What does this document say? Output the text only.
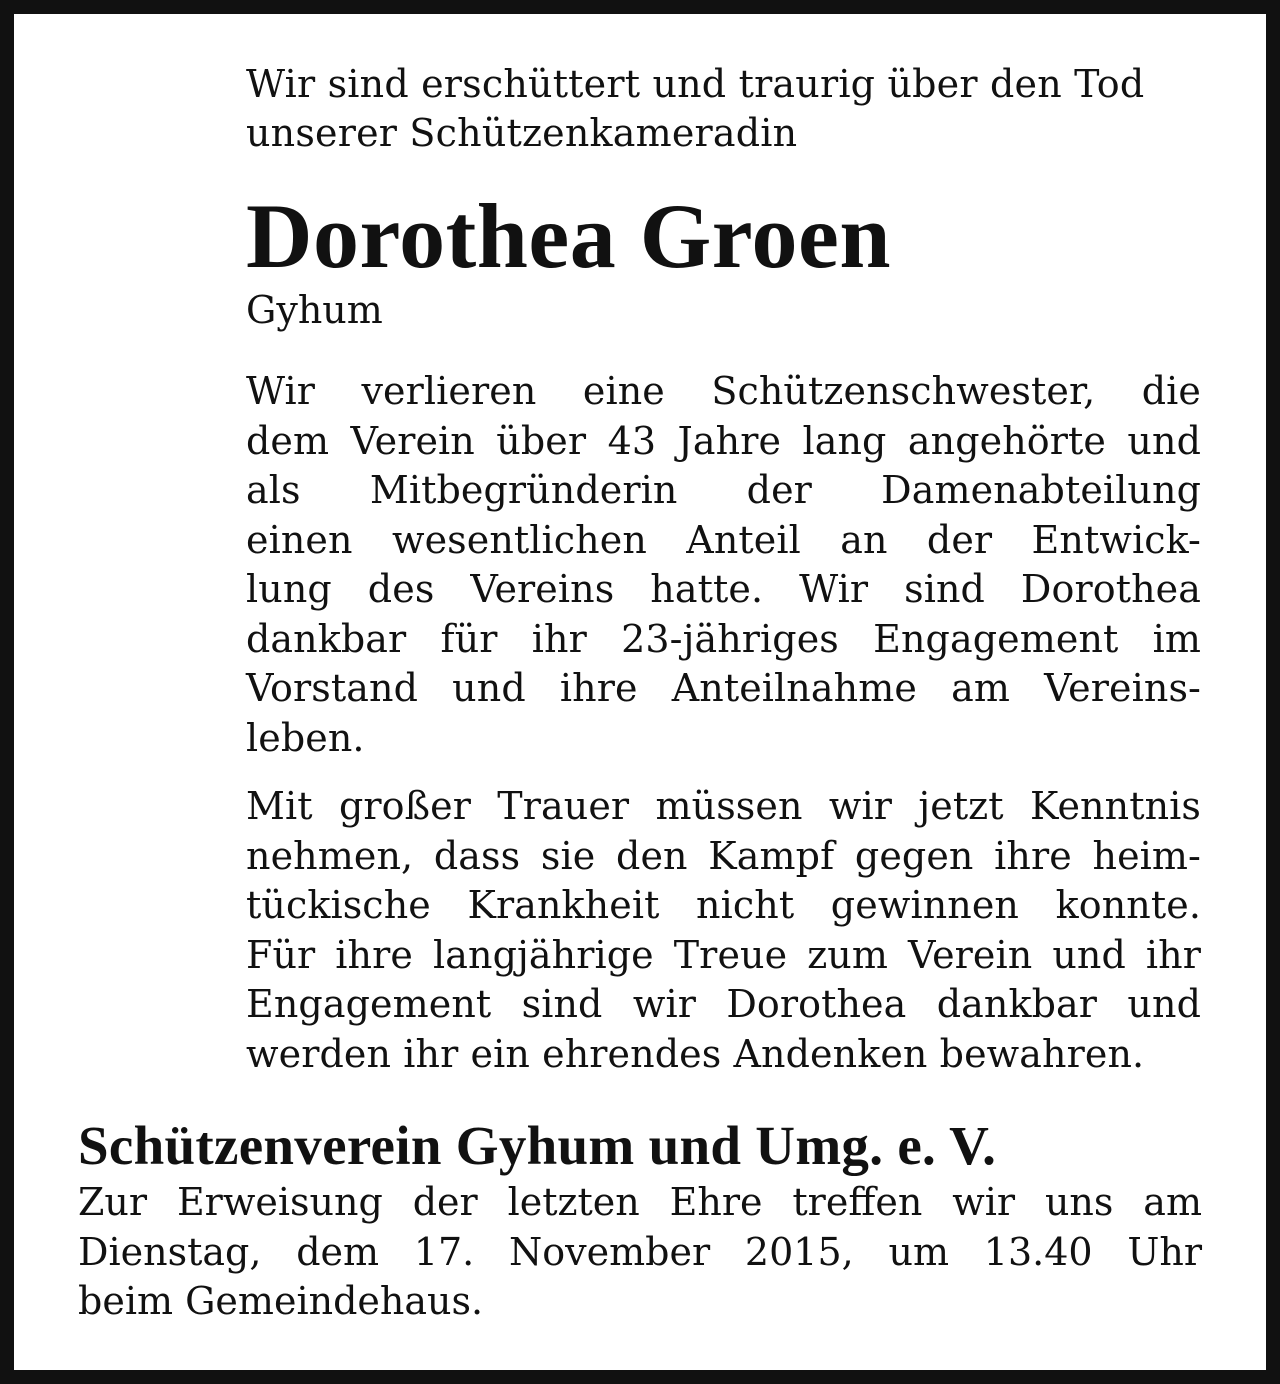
Wir sind erschüttert und traurig über den Tod
unserer Schützenkameradin
Dorothea Groen
Gyhum
Wir verlieren eine Schützenschwester, die
dem Verein über 43 Jahre lang angehörte und
als Mitbegründerin der Damenabteilung
einen wesentlichen Anteil an der Entwick-
lung des Vereins hatte. Wir sind Dorothea
dankbar für ihr 23-jähriges Engagement im
Vorstand und ihre Anteilnahme am Vereins-
leben.
Mit großer Trauer müssen wir jetzt Kenntnis
nehmen, dass sie den Kampf gegen ihre heim-
tückische Krankheit nicht gewinnen konnte.
Für ihre langjährige Treue zum Verein und ihr
Engagement sind wir Dorothea dankbar und
werden ihr ein ehrendes Andenken bewahren.
Schützenverein Gyhum und Umg. e. V.
Zur Erweisung der letzten Ehre treffen wir uns am
Dienstag, dem 17. November 2015, um 13.40 Uhr
beim Gemeindehaus.
